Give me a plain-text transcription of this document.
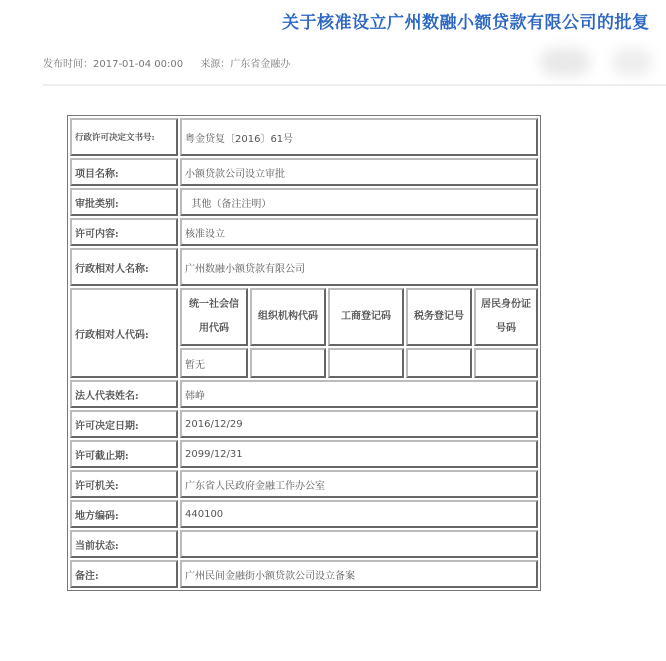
关于核准设立广州数融小额贷款有限公司的批复
发布时间：2017-01-04 00:00 来源：广东省金融办
行政许可决定文书号:	粤金贷复〔2016〕61号				
项目名称:	小额贷款公司设立审批				
审批类别:	其他（备注注明）				
许可内容:	核准设立				
行政相对人名称:	广州数融小额贷款有限公司				
行政相对人代码:	统一社会信用代码	组织机构代码	工商登记码	税务登记号	居民身份证号码
	暂无				
法人代表姓名:	韩峥				
许可决定日期:	2016/12/29				
许可截止期:	2099/12/31				
许可机关:	广东省人民政府金融工作办公室				
地方编码:	440100				
当前状态:					
备注:	广州民间金融街小额贷款公司设立备案				
